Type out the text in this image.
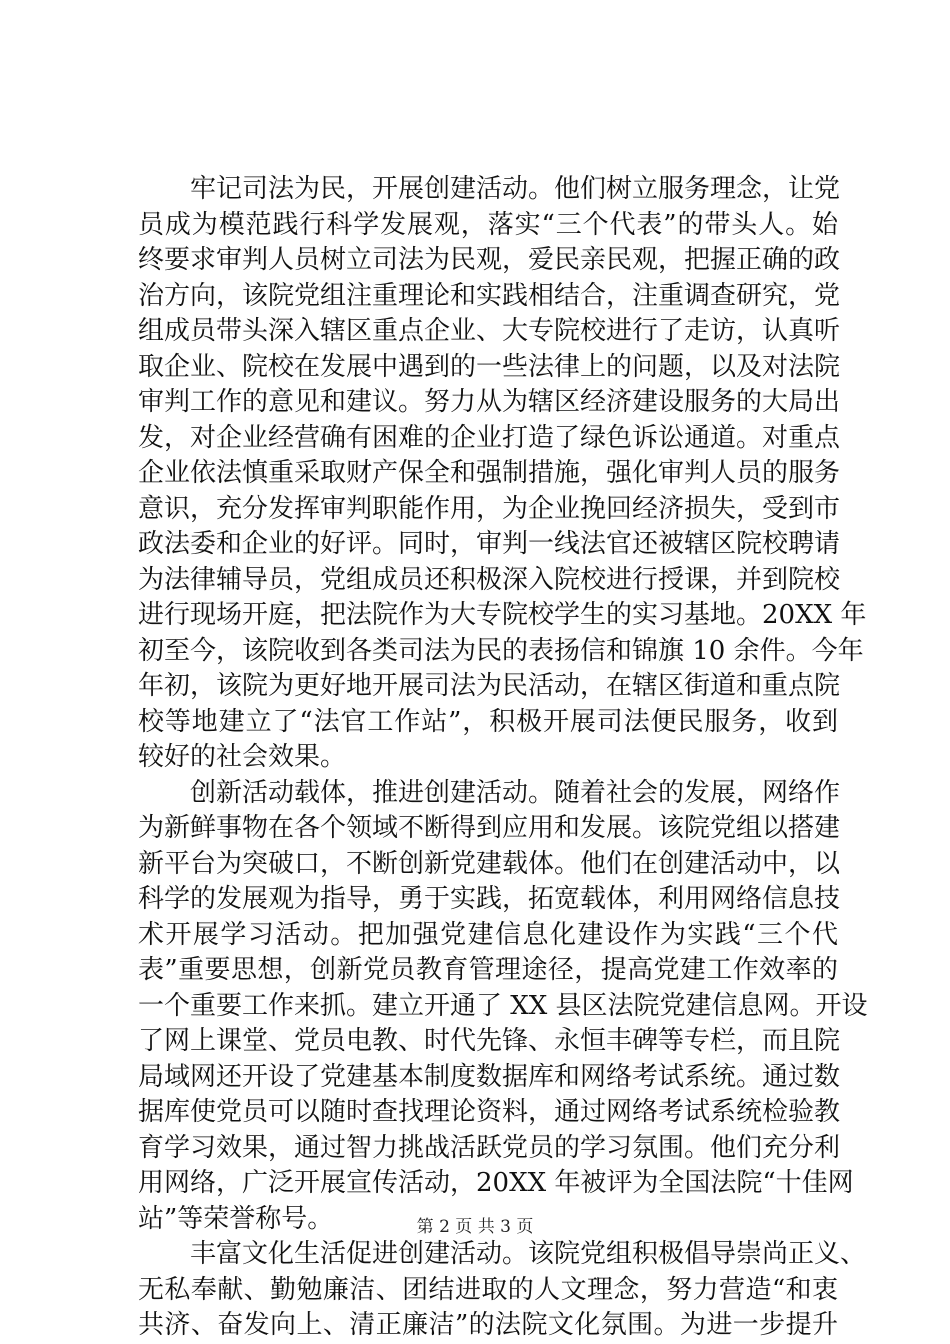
牢记司法为民，开展创建活动。他们树立服务理念，让党
员成为模范践行科学发展观，落实“三个代表”的带头人。始
终要求审判人员树立司法为民观，爱民亲民观，把握正确的政
治方向，该院党组注重理论和实践相结合，注重调查研究，党
组成员带头深入辖区重点企业、大专院校进行了走访，认真听
取企业、院校在发展中遇到的一些法律上的问题，以及对法院
审判工作的意见和建议。努力从为辖区经济建设服务的大局出
发，对企业经营确有困难的企业打造了绿色诉讼通道。对重点
企业依法慎重采取财产保全和强制措施，强化审判人员的服务
意识，充分发挥审判职能作用，为企业挽回经济损失，受到市
政法委和企业的好评。同时，审判一线法官还被辖区院校聘请
为法律辅导员，党组成员还积极深入院校进行授课，并到院校
进行现场开庭，把法院作为大专院校学生的实习基地。20XX 年
初至今，该院收到各类司法为民的表扬信和锦旗 10 余件。今年
年初，该院为更好地开展司法为民活动，在辖区街道和重点院
校等地建立了“法官工作站”，积极开展司法便民服务，收到
较好的社会效果。
创新活动载体，推进创建活动。随着社会的发展，网络作
为新鲜事物在各个领域不断得到应用和发展。该院党组以搭建
新平台为突破口，不断创新党建载体。他们在创建活动中，以
科学的发展观为指导，勇于实践，拓宽载体，利用网络信息技
术开展学习活动。把加强党建信息化建设作为实践“三个代
表”重要思想，创新党员教育管理途径，提高党建工作效率的
一个重要工作来抓。建立开通了 XX 县区法院党建信息网。开设
了网上课堂、党员电教、时代先锋、永恒丰碑等专栏，而且院
局域网还开设了党建基本制度数据库和网络考试系统。通过数
据库使党员可以随时查找理论资料，通过网络考试系统检验教
育学习效果，通过智力挑战活跃党员的学习氛围。他们充分利
用网络，广泛开展宣传活动，20XX 年被评为全国法院“十佳网
站”等荣誉称号。
丰富文化生活促进创建活动。该院党组积极倡导崇尚正义、
无私奉献、勤勉廉洁、团结进取的人文理念，努力营造“和衷
共济、奋发向上、清正廉洁”的法院文化氛围。为进一步提升
第 2 页 共 3 页
